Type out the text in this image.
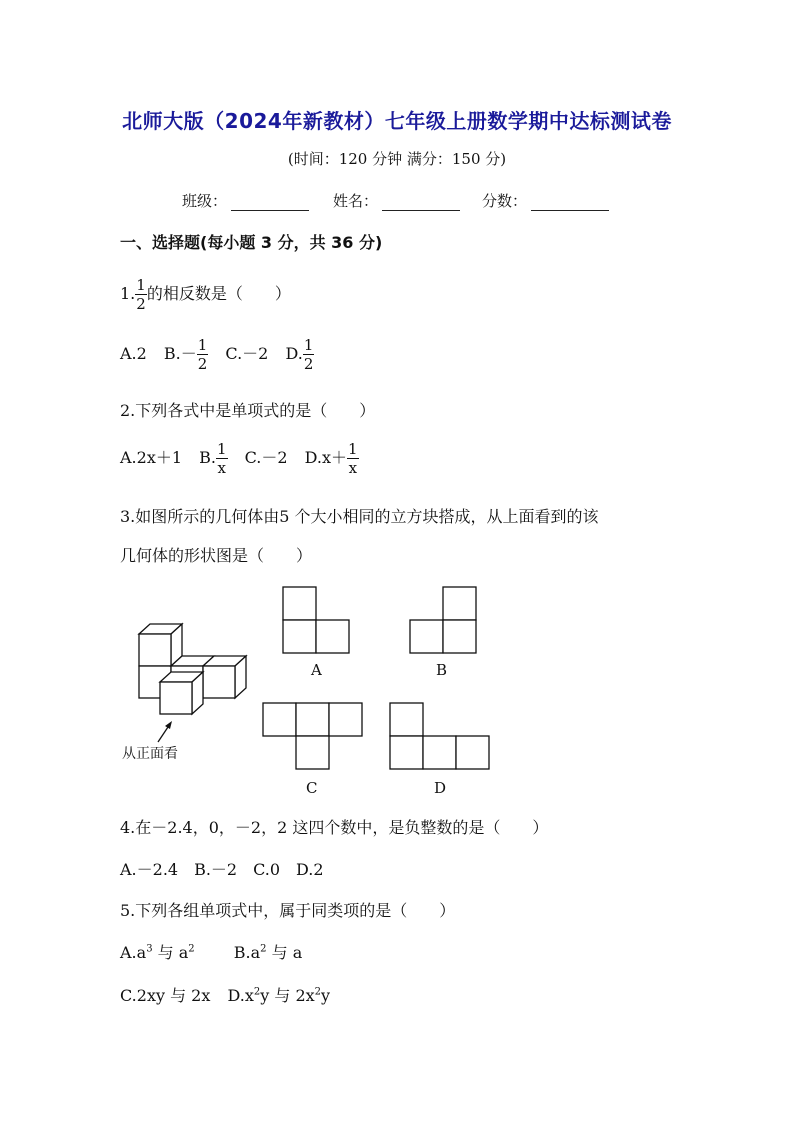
北师大版（2024年新教材）七年级上册数学期中达标测试卷
(时间：120 分钟 满分：150 分)
班级：	姓名：	分数：
一、选择题(每小题 3 分，共 36 分)
1. $\frac{1}{2}$ 的相反数是（　　）
A.2 $B.- \frac{1}{2} C.-2$ D. $\frac{1}{2}$
2.下列各式中是单项式的是（　　）
A.2x＋1 B. $\frac{1}{x} C.-2$ $D.x+ \frac{1}{x}$
3.如图所示的几何体由5 个大小相同的立方块搭成，从上面看到的该
几何体的形状图是（　　）
从正面看
A	B
C	D
4.在－2.4，0，－2，2 这四个数中，是负整数的是（　　）
A.－2.4　B.－2　C.0　D.2
5.下列各组单项式中，属于同类项的是（　　）
$A.a^3$ 与 $a^2$ $B.a^2$ 与 a
C.2xy 与 2x $D.x^2y$ 与 $2x^2y$
